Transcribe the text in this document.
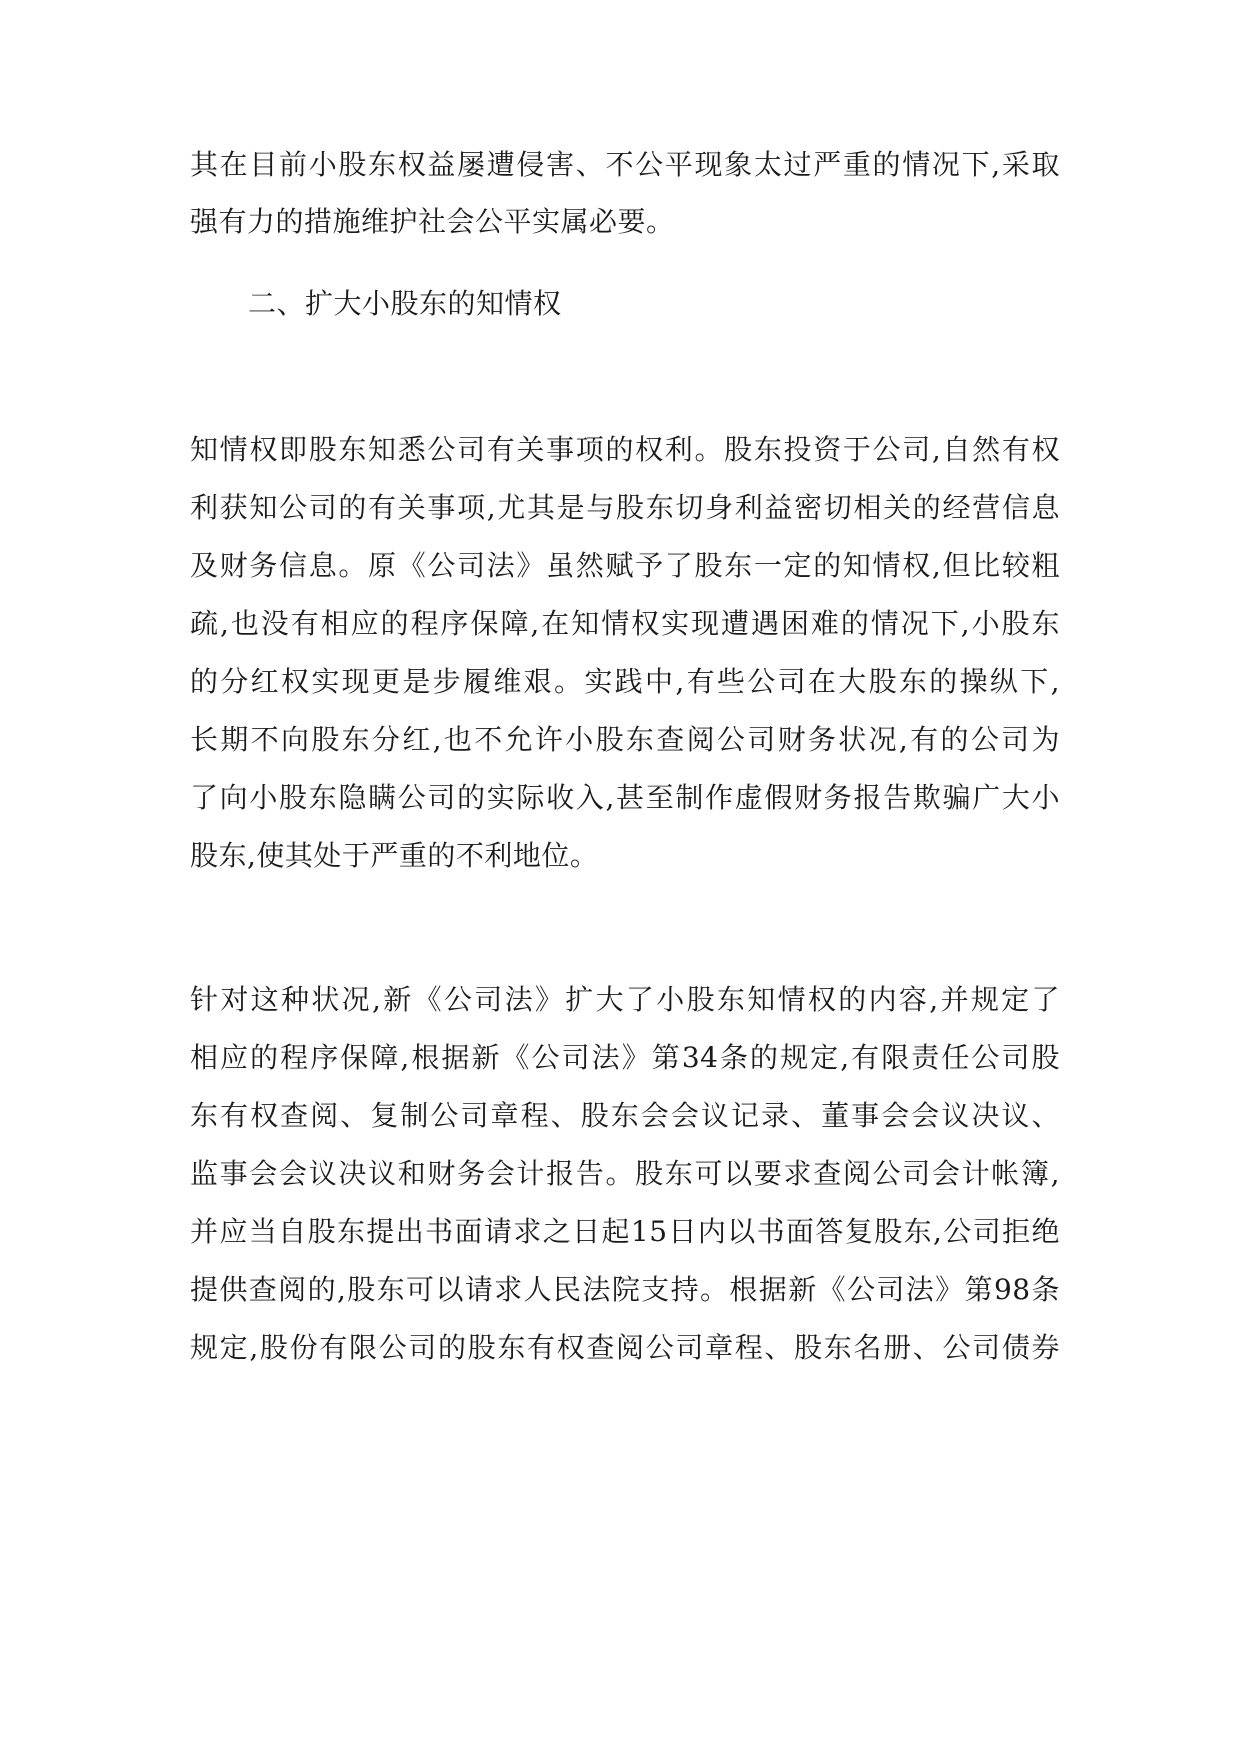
其在目前小股东权益屡遭侵害、不公平现象太过严重的情况下,采取
强有力的措施维护社会公平实属必要。
二、扩大小股东的知情权
知情权即股东知悉公司有关事项的权利。股东投资于公司,自然有权
利获知公司的有关事项,尤其是与股东切身利益密切相关的经营信息
及财务信息。原《公司法》虽然赋予了股东一定的知情权,但比较粗
疏,也没有相应的程序保障,在知情权实现遭遇困难的情况下,小股东
的分红权实现更是步履维艰。实践中,有些公司在大股东的操纵下,
长期不向股东分红,也不允许小股东查阅公司财务状况,有的公司为
了向小股东隐瞒公司的实际收入,甚至制作虚假财务报告欺骗广大小
股东,使其处于严重的不利地位。
针对这种状况,新《公司法》扩大了小股东知情权的内容,并规定了
相应的程序保障,根据新《公司法》第34条的规定,有限责任公司股
东有权查阅、复制公司章程、股东会会议记录、董事会会议决议、
监事会会议决议和财务会计报告。股东可以要求查阅公司会计帐簿,
并应当自股东提出书面请求之日起15日内以书面答复股东,公司拒绝
提供查阅的,股东可以请求人民法院支持。根据新《公司法》第98条
规定,股份有限公司的股东有权查阅公司章程、股东名册、公司债券
